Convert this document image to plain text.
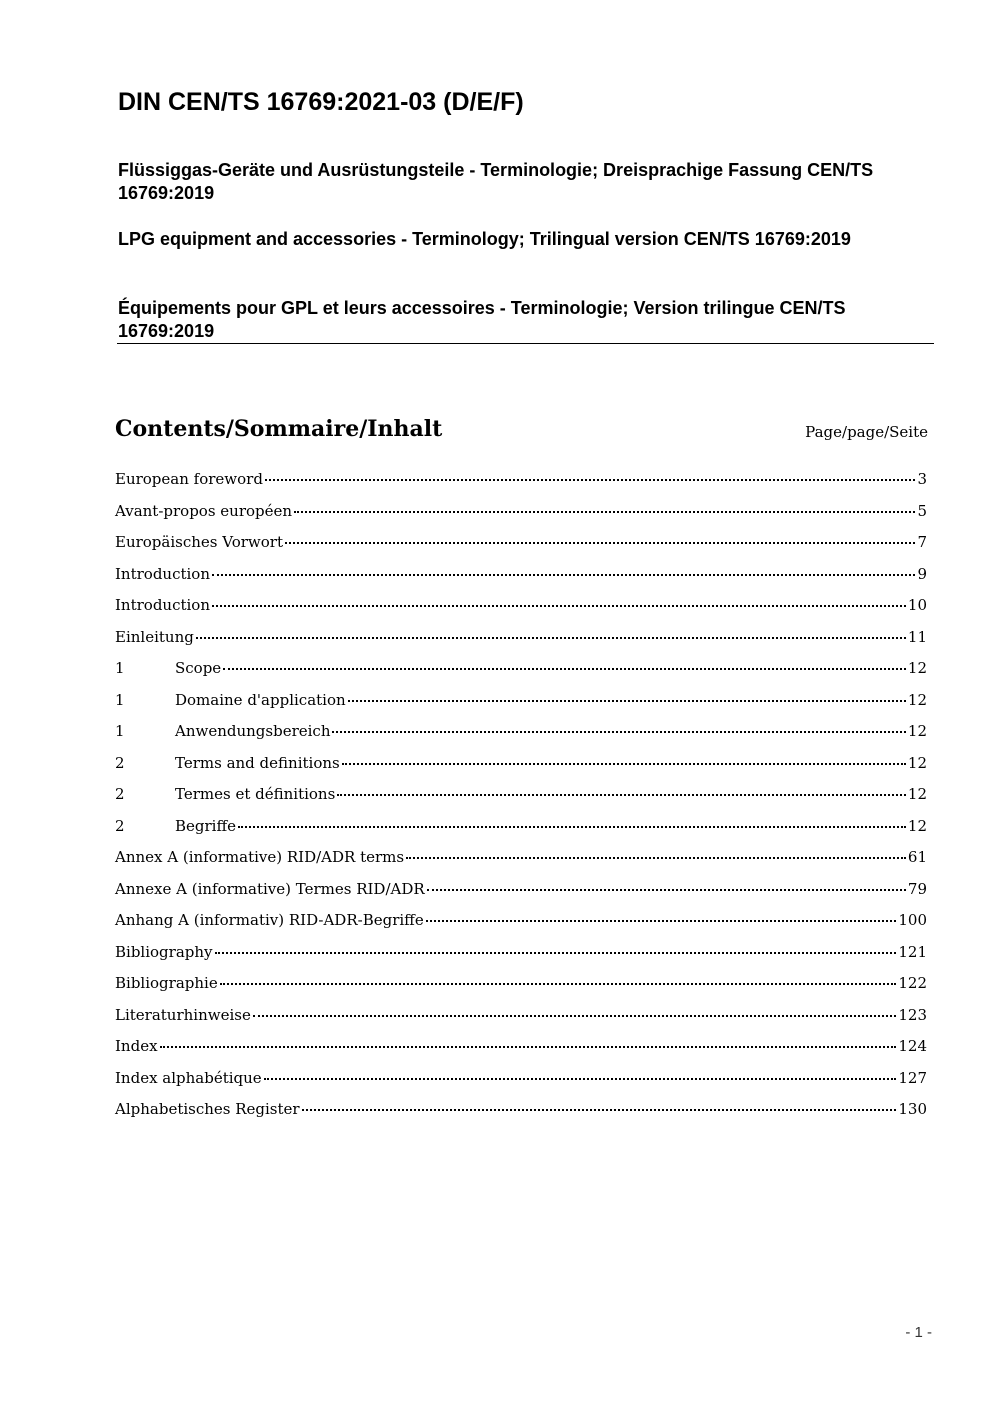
DIN CEN/TS 16769:2021-03 (D/E/F)

Flüssiggas-Geräte und Ausrüstungsteile - Terminologie; Dreisprachige Fassung CEN/TS 16769:2019

LPG equipment and accessories - Terminology; Trilingual version CEN/TS 16769:2019

Équipements pour GPL et leurs accessoires - Terminologie; Version trilingue CEN/TS 16769:2019

Contents/Sommaire/Inhalt	Page/page/Seite
European foreword	3
Avant-propos européen	5
Europäisches Vorwort	7
Introduction	9
Introduction	10
Einleitung	11
1	Scope	12
1	Domaine d'application	12
1	Anwendungsbereich	12
2	Terms and definitions	12
2	Termes et définitions	12
2	Begriffe	12
Annex A (informative) RID/ADR terms	61
Annexe A (informative) Termes RID/ADR	79
Anhang A (informativ) RID-ADR-Begriffe	100
Bibliography	121
Bibliographie	122
Literaturhinweise	123
Index	124
Index alphabétique	127
Alphabetisches Register	130
- 1 -
